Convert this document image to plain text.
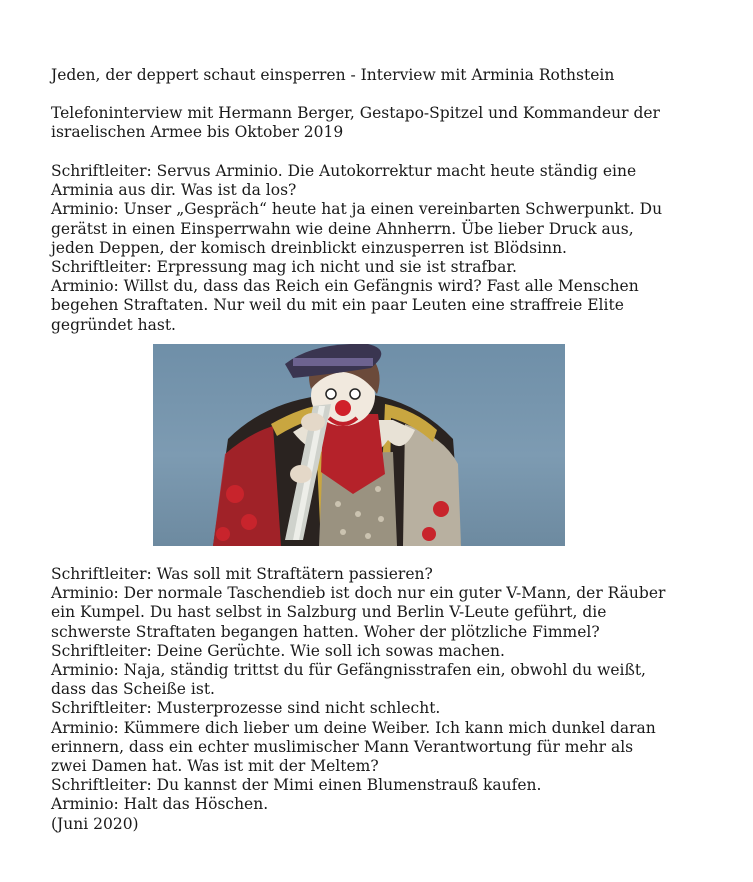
Jeden, der deppert schaut einsperren - Interview mit Arminia Rothstein
Telefoninterview mit Hermann Berger, Gestapo-Spitzel und Kommandeur der
israelischen Armee bis Oktober 2019
Schriftleiter: Servus Arminio. Die Autokorrektur macht heute ständig eine
Arminia aus dir. Was ist da los?
Arminio: Unser „Gespräch“ heute hat ja einen vereinbarten Schwerpunkt. Du
gerätst in einen Einsperrwahn wie deine Ahnherrn. Übe lieber Druck aus,
jeden Deppen, der komisch dreinblickt einzusperren ist Blödsinn.
Schriftleiter: Erpressung mag ich nicht und sie ist strafbar.
Arminio: Willst du, dass das Reich ein Gefängnis wird? Fast alle Menschen
begehen Straftaten. Nur weil du mit ein paar Leuten eine straffreie Elite
gegründet hast.
Schriftleiter: Was soll mit Straftätern passieren?
Arminio: Der normale Taschendieb ist doch nur ein guter V-Mann, der Räuber
ein Kumpel. Du hast selbst in Salzburg und Berlin V-Leute geführt, die
schwerste Straftaten begangen hatten. Woher der plötzliche Fimmel?
Schriftleiter: Deine Gerüchte. Wie soll ich sowas machen.
Arminio: Naja, ständig trittst du für Gefängnisstrafen ein, obwohl du weißt,
dass das Scheiße ist.
Schriftleiter: Musterprozesse sind nicht schlecht.
Arminio: Kümmere dich lieber um deine Weiber. Ich kann mich dunkel daran
erinnern, dass ein echter muslimischer Mann Verantwortung für mehr als
zwei Damen hat. Was ist mit der Meltem?
Schriftleiter: Du kannst der Mimi einen Blumenstrauß kaufen.
Arminio: Halt das Höschen.
(Juni 2020)
